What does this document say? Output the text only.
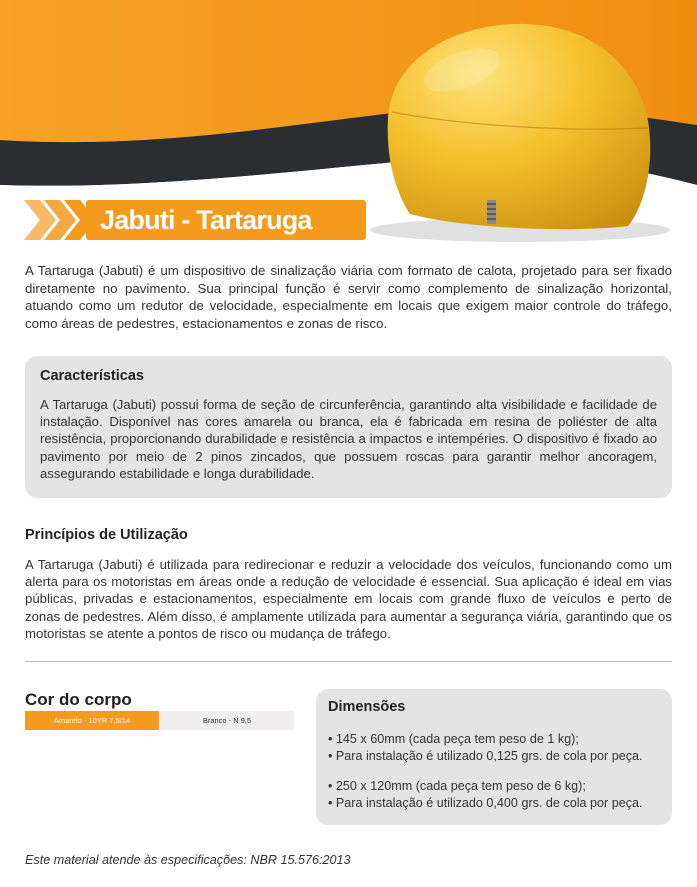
Jabuti - Tartaruga

A Tartaruga (Jabuti) é um dispositivo de sinalização viária com formato de calota, projetado para ser fixado diretamente no pavimento. Sua principal função é servir como complemento de sinalização horizontal, atuando como um redutor de velocidade, especialmente em locais que exigem maior controle do tráfego, como áreas de pedestres, estacionamentos e zonas de risco.

Características

A Tartaruga (Jabuti) possui forma de seção de circunferência, garantindo alta visibilidade e facilidade de instalação. Disponível nas cores amarela ou branca, ela é fabricada em resina de poliéster de alta resistência, proporcionando durabilidade e resistência a impactos e intempéries. O dispositivo é fixado ao pavimento por meio de 2 pinos zincados, que possuem roscas para garantir melhor ancoragem, assegurando estabilidade e longa durabilidade.

Princípios de Utilização

A Tartaruga (Jabuti) é utilizada para redirecionar e reduzir a velocidade dos veículos, funcionando como um alerta para os motoristas em áreas onde a redução de velocidade é essencial. Sua aplicação é ideal em vias públicas, privadas e estacionamentos, especialmente em locais com grande fluxo de veículos e perto de zonas de pedestres. Além disso, é amplamente utilizada para aumentar a segurança viária, garantindo que os motoristas se atente a pontos de risco ou mudança de tráfego.

Cor do corpo
Amarelo - 10YR 7,5/14	Branco - N 9,5
Dimensões
• 145 x 60mm (cada peça tem peso de 1 kg);
• Para instalação é utilizado 0,125 grs. de cola por peça.
• 250 x 120mm (cada peça tem peso de 6 kg);
• Para instalação é utilizado 0,400 grs. de cola por peça.
Este material atende às especificações: NBR 15.576:2013
